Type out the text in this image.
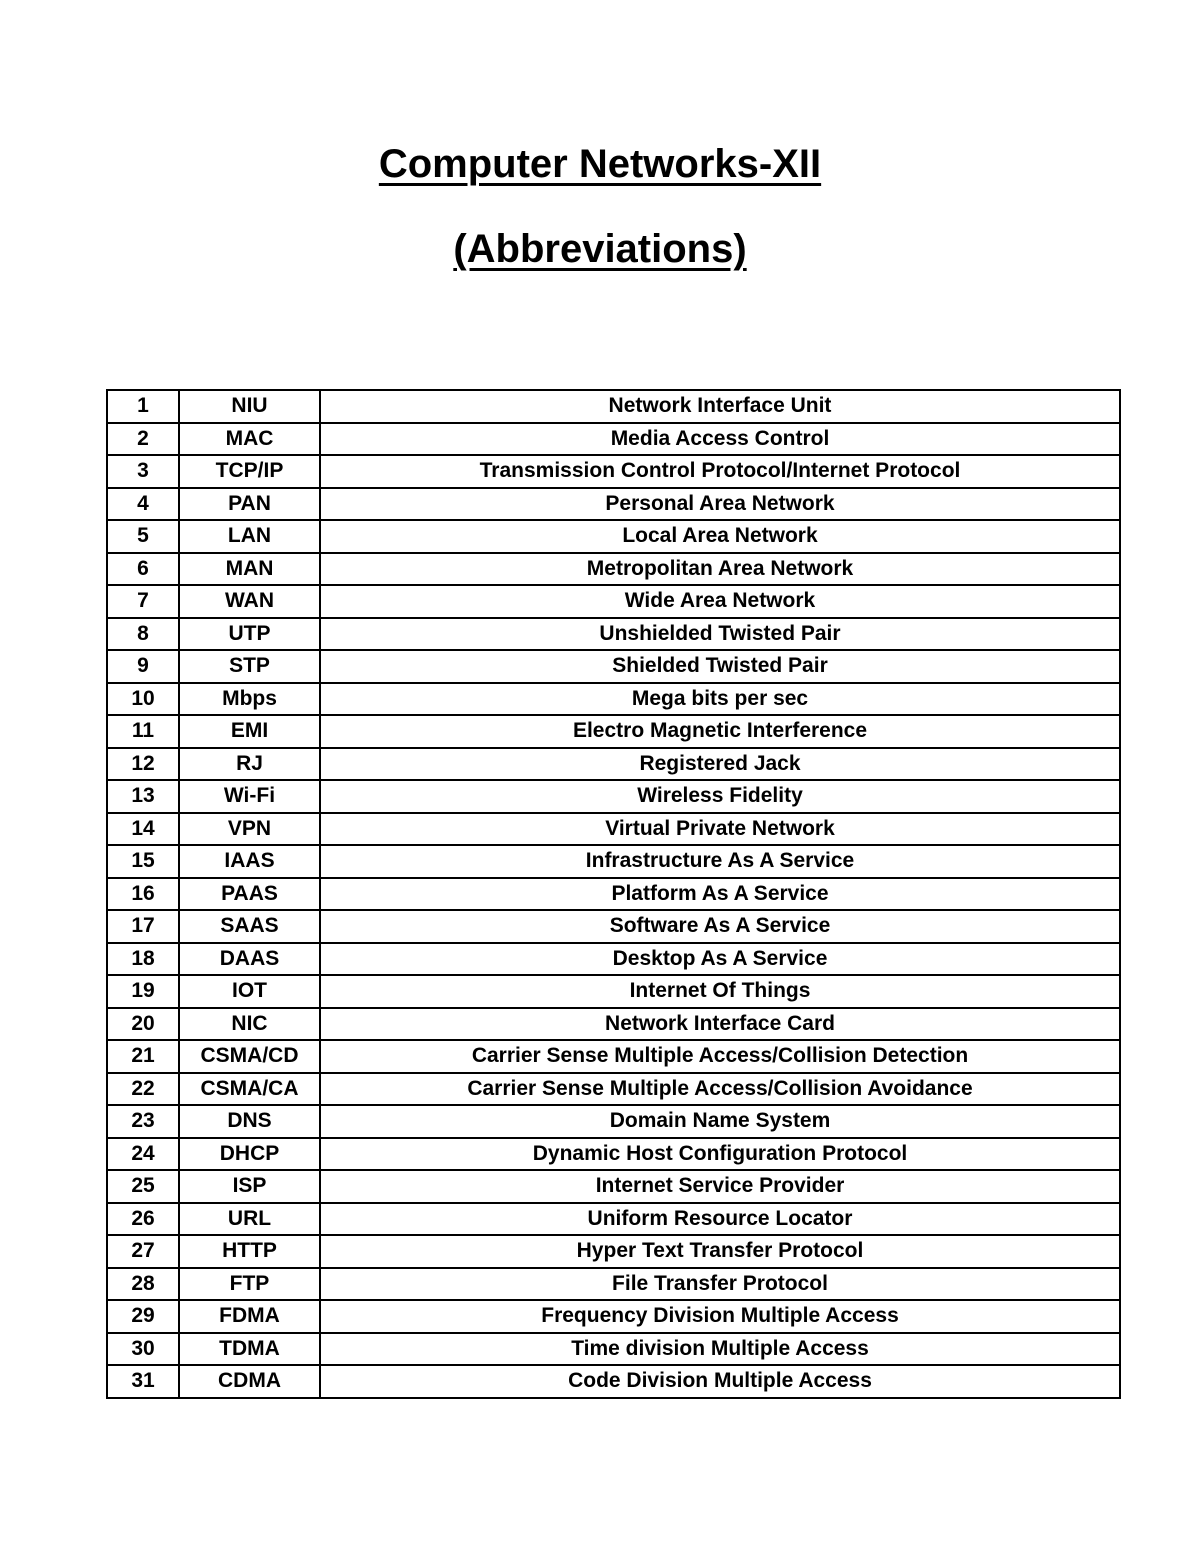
Computer Networks-XII
(Abbreviations)
1	NIU	Network Interface Unit
2	MAC	Media Access Control
3	TCP/IP	Transmission Control Protocol/Internet Protocol
4	PAN	Personal Area Network
5	LAN	Local Area Network
6	MAN	Metropolitan Area Network
7	WAN	Wide Area Network
8	UTP	Unshielded Twisted Pair
9	STP	Shielded Twisted Pair
10	Mbps	Mega bits per sec
11	EMI	Electro Magnetic Interference
12	RJ	Registered Jack
13	Wi-Fi	Wireless Fidelity
14	VPN	Virtual Private Network
15	IAAS	Infrastructure As A Service
16	PAAS	Platform As A Service
17	SAAS	Software As A Service
18	DAAS	Desktop As A Service
19	IOT	Internet Of Things
20	NIC	Network Interface Card
21	CSMA/CD	Carrier Sense Multiple Access/Collision Detection
22	CSMA/CA	Carrier Sense Multiple Access/Collision Avoidance
23	DNS	Domain Name System
24	DHCP	Dynamic Host Configuration Protocol
25	ISP	Internet Service Provider
26	URL	Uniform Resource Locator
27	HTTP	Hyper Text Transfer Protocol
28	FTP	File Transfer Protocol
29	FDMA	Frequency Division Multiple Access
30	TDMA	Time division Multiple Access
31	CDMA	Code Division Multiple Access
